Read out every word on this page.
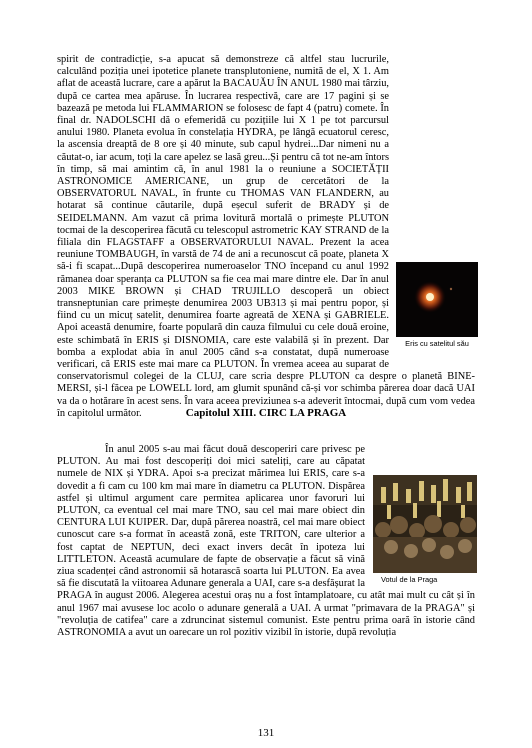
Eris cu satelitul său
Votul de la Praga

spirit de contradicție, s-a apucat să demonstreze că altfel stau lucrurile, calculând poziția unei ipotetice planete transplutoniene, numită de el, X 1. Am aflat de această lucrare, care a apărut la BACAUĂU ÎN ANUL 1980 mai târziu, după ce cartea mea apăruse. În lucrarea respectivă, care are 17 pagini și se bazează pe metoda lui FLAMMARION se folosesc de fapt 4 (patru) comete. În final dr. NADOLSCHI dă o efemeridă cu pozițiile lui X 1 pe tot parcursul anului 1980. Planeta evolua în constelația HYDRA, pe lângă ecuatorul ceresc, la ascensia dreaptă de 8 ore și 40 minute, sub capul hydrei...Dar nimeni nu a căutat-o, iar acum, toți la care apelez se lasă greu...Și pentru că tot ne-am întors în timp, să mai amintim că, în anul 1981 la o reuniune a SOCIETĂȚII ASTRONOMICE AMERICANE, un grup de cercetători de la OBSERVATORUL NAVAL, în frunte cu THOMAS VAN FLANDERN, au hotarat să continue căutarile, după eșecul suferit de BRADY și de SEIDELMANN. Am vazut că prima lovitură mortală o primește PLUTON tocmai de la descoperirea făcută cu telescopul astrometric KAY STRAND de la filiala din FLAGSTAFF a OBSERVATORULUI NAVAL. Prezent la acea reuniune TOMBAUGH, în varstă de 74 de ani a recunoscut că poate, planeta X să-i fi scapat...După descoperirea numeroaselor TNO începand cu anul 1992 rămanea doar speranța ca PLUTON sa fie cea mai mare dintre ele. Dar în anul 2003 MIKE BROWN și CHAD TRUJILLO descoperă un obiect transneptunian care primește denumirea 2003 UB313 și mai pentru popor, și fiind cu un micuț satelit, denumirea foarte agreată de XENA și GABRIELE. Apoi această denumire, foarte populară din cauza filmului cu cele două eroine, este schimbată în ERIS și DISNOMIA, care este valabilă și în prezent. Dar bomba a explodat abia în anul 2005 când s-a constatat, după numeroase verificari, că ERIS este mai mare ca PLUTON. În vremea aceea au suparat de conservatorismul colegei de la CLUJ, care scria despre PLUTON ca despre o planetă BINE-MERSI, și-l făcea pe LOWELL lord, am glumit spunând că-și vor schimba părerea doar dacă UAI va da o hotărare în acest sens. În vara aceea previziunea s-a adeverit întocmai, după cum vom vedea în capitolul următor.	Capitolul XIII. CIRC LA PRAGA

În anul 2005 s-au mai făcut două descoperiri care privesc pe PLUTON. Au mai fost descoperiți doi mici sateliți, care au căpatat numele de NIX și YDRA. Apoi s-a precizat mărimea lui ERIS, care s-a dovedit a fi cam cu 100 km mai mare în diametru ca PLUTON. Dispărea astfel și ultimul argument care permitea aplicarea unor favoruri lui PLUTON, ca eventual cel mai mare TNO, sau cel mai mare obiect din CENTURA LUI KUIPER. Dar, după părerea noastră, cel mai mare obiect cunoscut care s-a format în această zonă, este TRITON, care ulterior a fost captat de NEPTUN, deci exact invers decât în ipoteza lui LITTLETON. Această acumulare de fapte de observație a făcut să vină ziua scadenței când astronomii să hotarască soarta lui PLUTON. Ea avea să fie discutată la viitoarea Adunare generala a UAI, care s-a desfășurat la PRAGA în august 2006. Alegerea acestui oraș nu a fost întamplatoare, cu atât mai mult cu cât și în anul 1967 mai avusese loc acolo o adunare generală a UAI. A urmat "primavara de la PRAGA" și "revoluția de catifea" care a zdruncinat sistemul comunist. Este pentru prima oară în istorie când ASTRONOMIA a avut un oarecare un rol pozitiv vizibil în istorie, după revoluția

131
